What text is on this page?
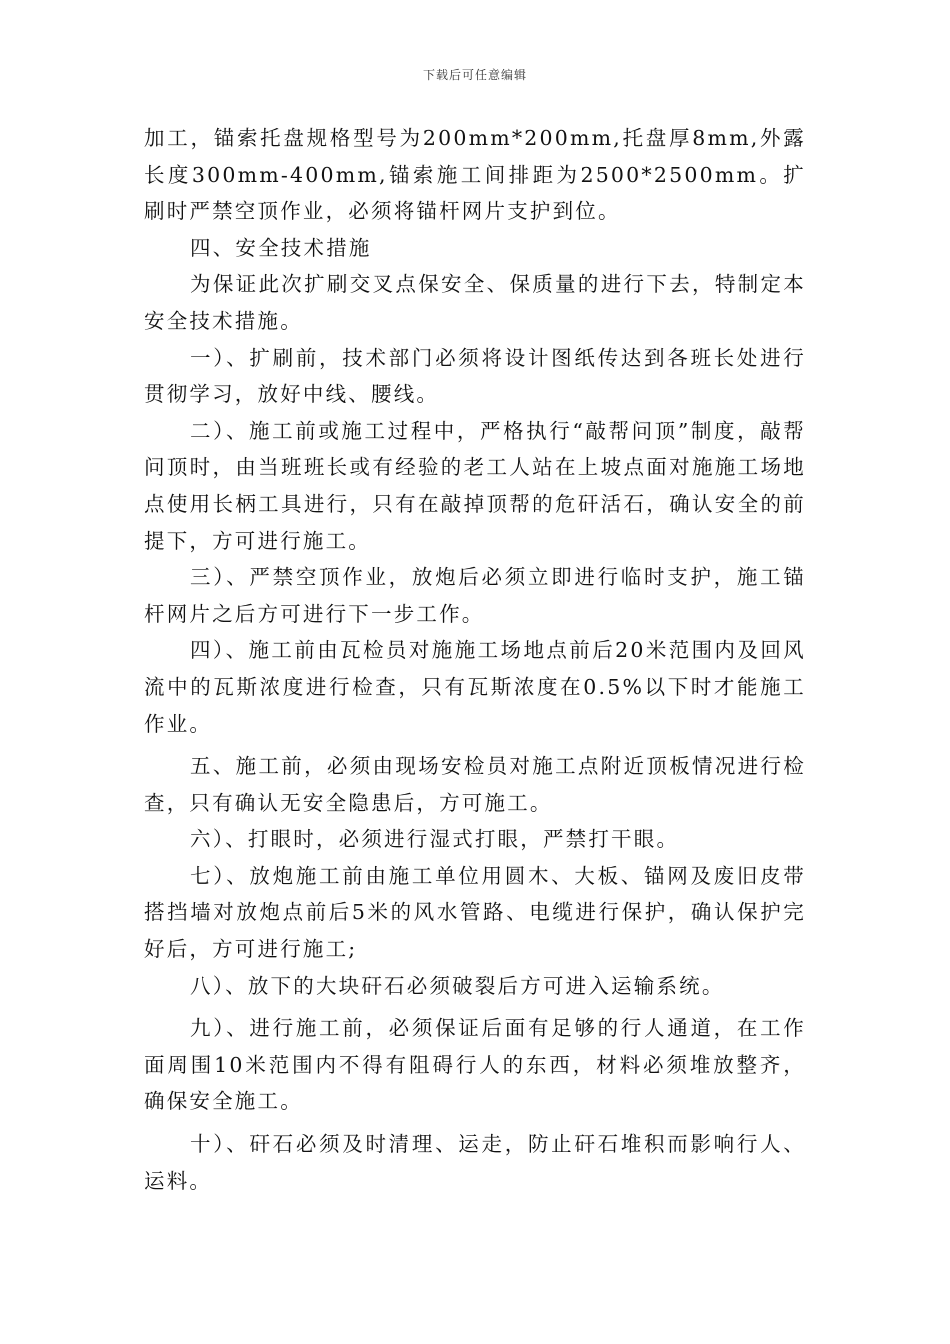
下载后可任意编辑

加工，锚索托盘规格型号为200mm*200mm,托盘厚8mm,外露长度300mm-400mm,锚索施工间排距为2500*2500mm。扩刷时严禁空顶作业，必须将锚杆网片支护到位。

四、安全技术措施

为保证此次扩刷交叉点保安全、保质量的进行下去，特制定本安全技术措施。

一）、扩刷前，技术部门必须将设计图纸传达到各班长处进行贯彻学习，放好中线、腰线。

二）、施工前或施工过程中，严格执行“敲帮问顶”制度，敲帮问顶时，由当班班长或有经验的老工人站在上坡点面对施施工场地点使用长柄工具进行，只有在敲掉顶帮的危矸活石，确认安全的前提下，方可进行施工。

三）、严禁空顶作业，放炮后必须立即进行临时支护，施工锚杆网片之后方可进行下一步工作。

四）、施工前由瓦检员对施施工场地点前后20米范围内及回风流中的瓦斯浓度进行检查，只有瓦斯浓度在0.5%以下时才能施工作业。

五、施工前，必须由现场安检员对施工点附近顶板情况进行检查，只有确认无安全隐患后，方可施工。

六）、打眼时，必须进行湿式打眼，严禁打干眼。

七）、放炮施工前由施工单位用圆木、大板、锚网及废旧皮带搭挡墙对放炮点前后5米的风水管路、电缆进行保护，确认保护完好后，方可进行施工;

八）、放下的大块矸石必须破裂后方可进入运输系统。

九）、进行施工前，必须保证后面有足够的行人通道，在工作面周围10米范围内不得有阻碍行人的东西，材料必须堆放整齐，确保安全施工。

十）、矸石必须及时清理、运走，防止矸石堆积而影响行人、运料。
